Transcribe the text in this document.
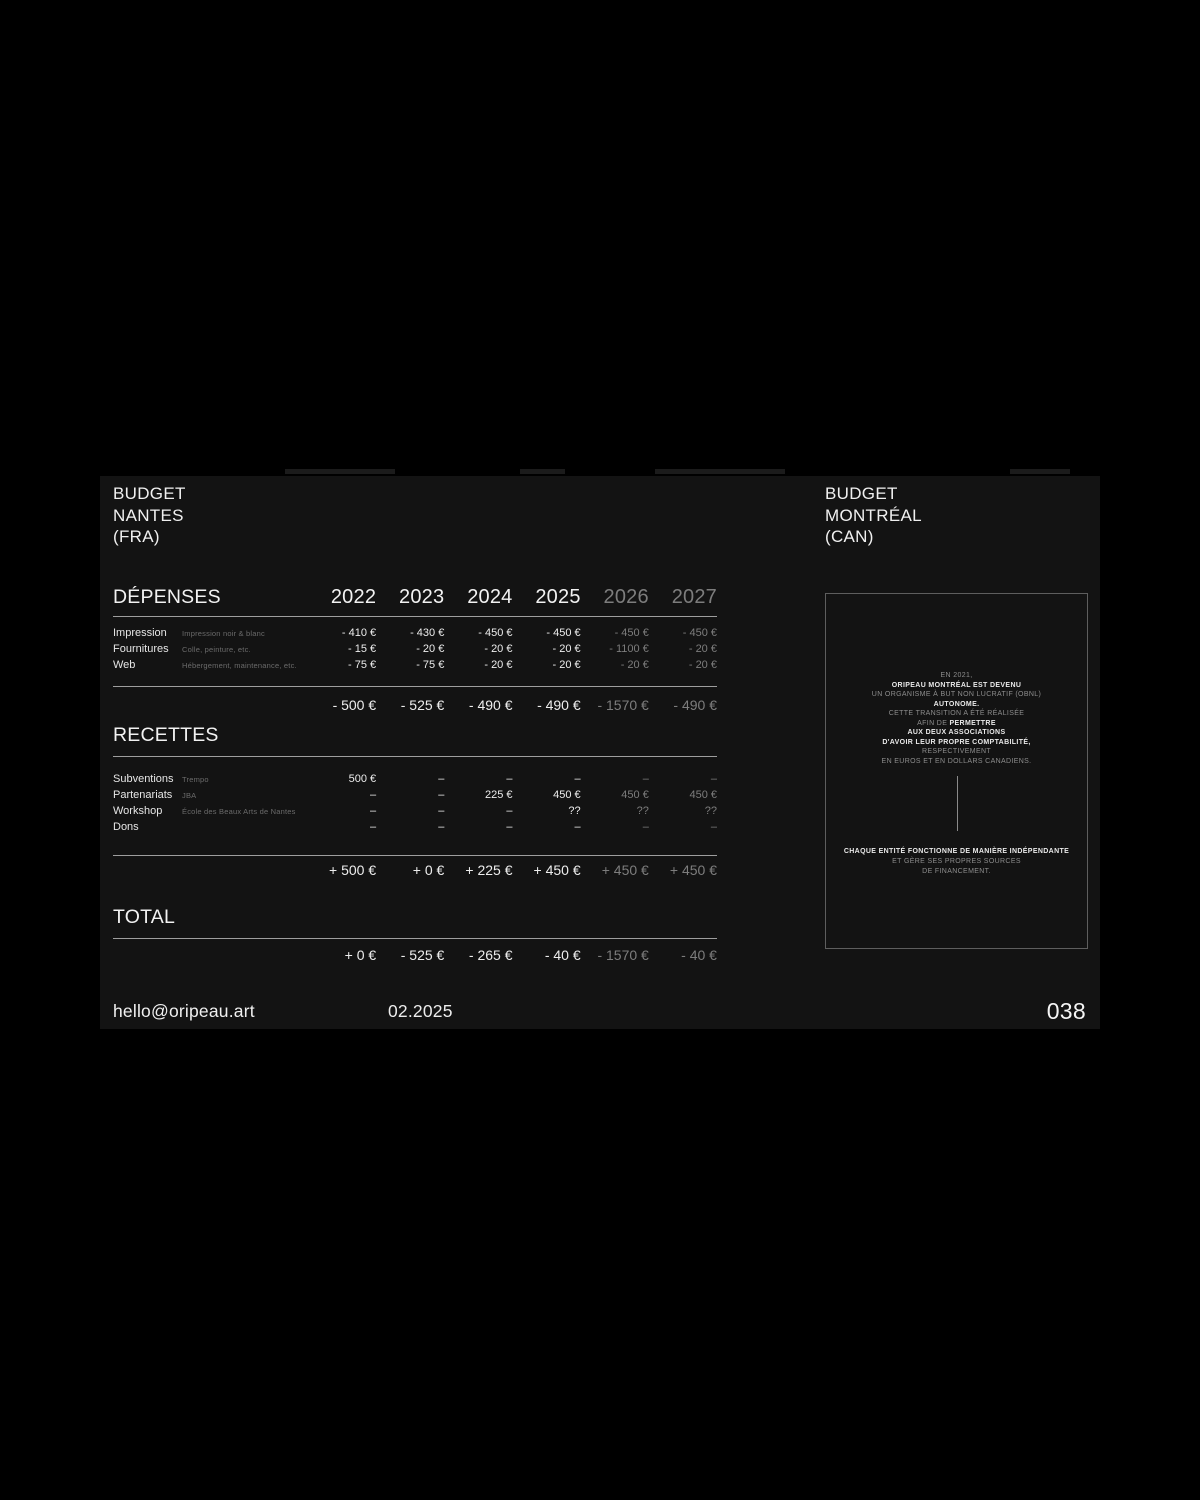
BUDGET
NANTES
(FRA)
BUDGET
MONTRÉAL
(CAN)
DÉPENSES	2022	2023	2024	2025	2026	2027
Impression	Impression noir & blanc	- 410 €	- 430 €	- 450 €	- 450 €	- 450 €	- 450 €
Fournitures	Colle, peinture, etc.	- 15 €	- 20 €	- 20 €	- 20 €	- 1100 €	- 20 €
Web	Hébergement, maintenance, etc.	- 75 €	- 75 €	- 20 €	- 20 €	- 20 €	- 20 €
- 500 €	- 525 €	- 490 €	- 490 €	- 1570 €	- 490 €
RECETTES
Subventions	Trempo	500 €	–	–	–	–	–
Partenariats	JBA	–	–	225 €	450 €	450 €	450 €
Workshop	École des Beaux Arts de Nantes	–	–	–	??	??	??
Dons	–	–	–	–	–	–
+ 500 €	+ 0 €	+ 225 €	+ 450 €	+ 450 €	+ 450 €
TOTAL
+ 0 €	- 525 €	- 265 €	- 40 €	- 1570 €	- 40 €
EN 2021,
ORIPEAU MONTRÉAL EST DEVENU
UN ORGANISME À BUT NON LUCRATIF (OBNL)
AUTONOME.
CETTE TRANSITION A ÉTÉ RÉALISÉE
AFIN DE PERMETTRE
AUX DEUX ASSOCIATIONS
D'AVOIR LEUR PROPRE COMPTABILITÉ,
RESPECTIVEMENT
EN EUROS ET EN DOLLARS CANADIENS.
CHAQUE ENTITÉ FONCTIONNE DE MANIÈRE INDÉPENDANTE
ET GÈRE SES PROPRES SOURCES
DE FINANCEMENT.
hello@oripeau.art	02.2025	038
